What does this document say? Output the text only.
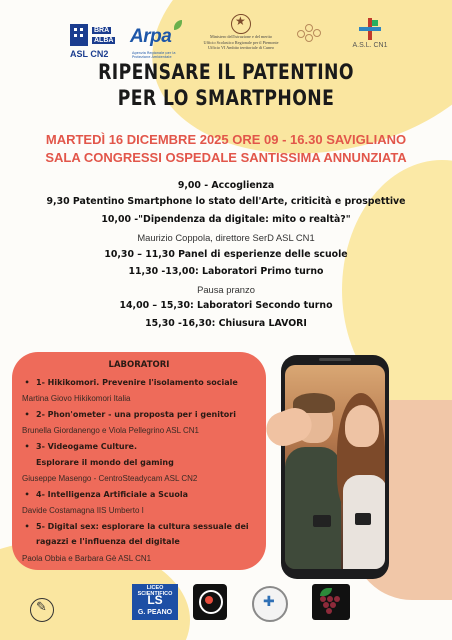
BRA
ALBA
ASL CN2
Arpa
Agenzia Regionale per la Protezione Ambientale
★
Ministero dell'istruzione e del merito
Ufficio Scolastico Regionale per il Piemonte
Ufficio VI Ambito territoriale di Cuneo	A.S.L. CN1
RIPENSARE IL PATENTINO
PER LO SMARTPHONE
MARTEDÌ 16 DICEMBRE 2025 ORE 09 - 16.30 SAVIGLIANO
SALA CONGRESSI OSPEDALE SANTISSIMA ANNUNZIATA
9,00 - Accoglienza
9,30 Patentino Smartphone lo stato dell'Arte, criticità e prospettive
10,00 -"Dipendenza da digitale: mito o realtà?"
Maurizio Coppola, direttore SerD ASL CN1
10,30 – 11,30 Panel di esperienze delle scuole
11,30 -13,00: Laboratori Primo turno
Pausa pranzo
14,00 – 15,30: Laboratori Secondo turno
15,30 -16,30: Chiusura LAVORI
LABORATORI
• 1- Hikikomori. Prevenire l'isolamento sociale
Martina Giovo Hikikomori Italia
• 2- Phon'ometer - una proposta per i genitori
Brunella Giordanengo e Viola Pellegrino ASL CN1
• 3- Videogame Culture.
Esplorare il mondo del gaming
Giuseppe Masengo - CentroSteadycam ASL CN2
• 4- Intelligenza Artificiale a Scuola
Davide Costamagna IIS Umberto I
• 5- Digital sex: esplorare la cultura sessuale dei
ragazzi e l'influenza del digitale
Paola Obbia e Barbara Gè ASL CN1
✎
LICEO SCIENTIFICO
LS
G. PEANO
✚
